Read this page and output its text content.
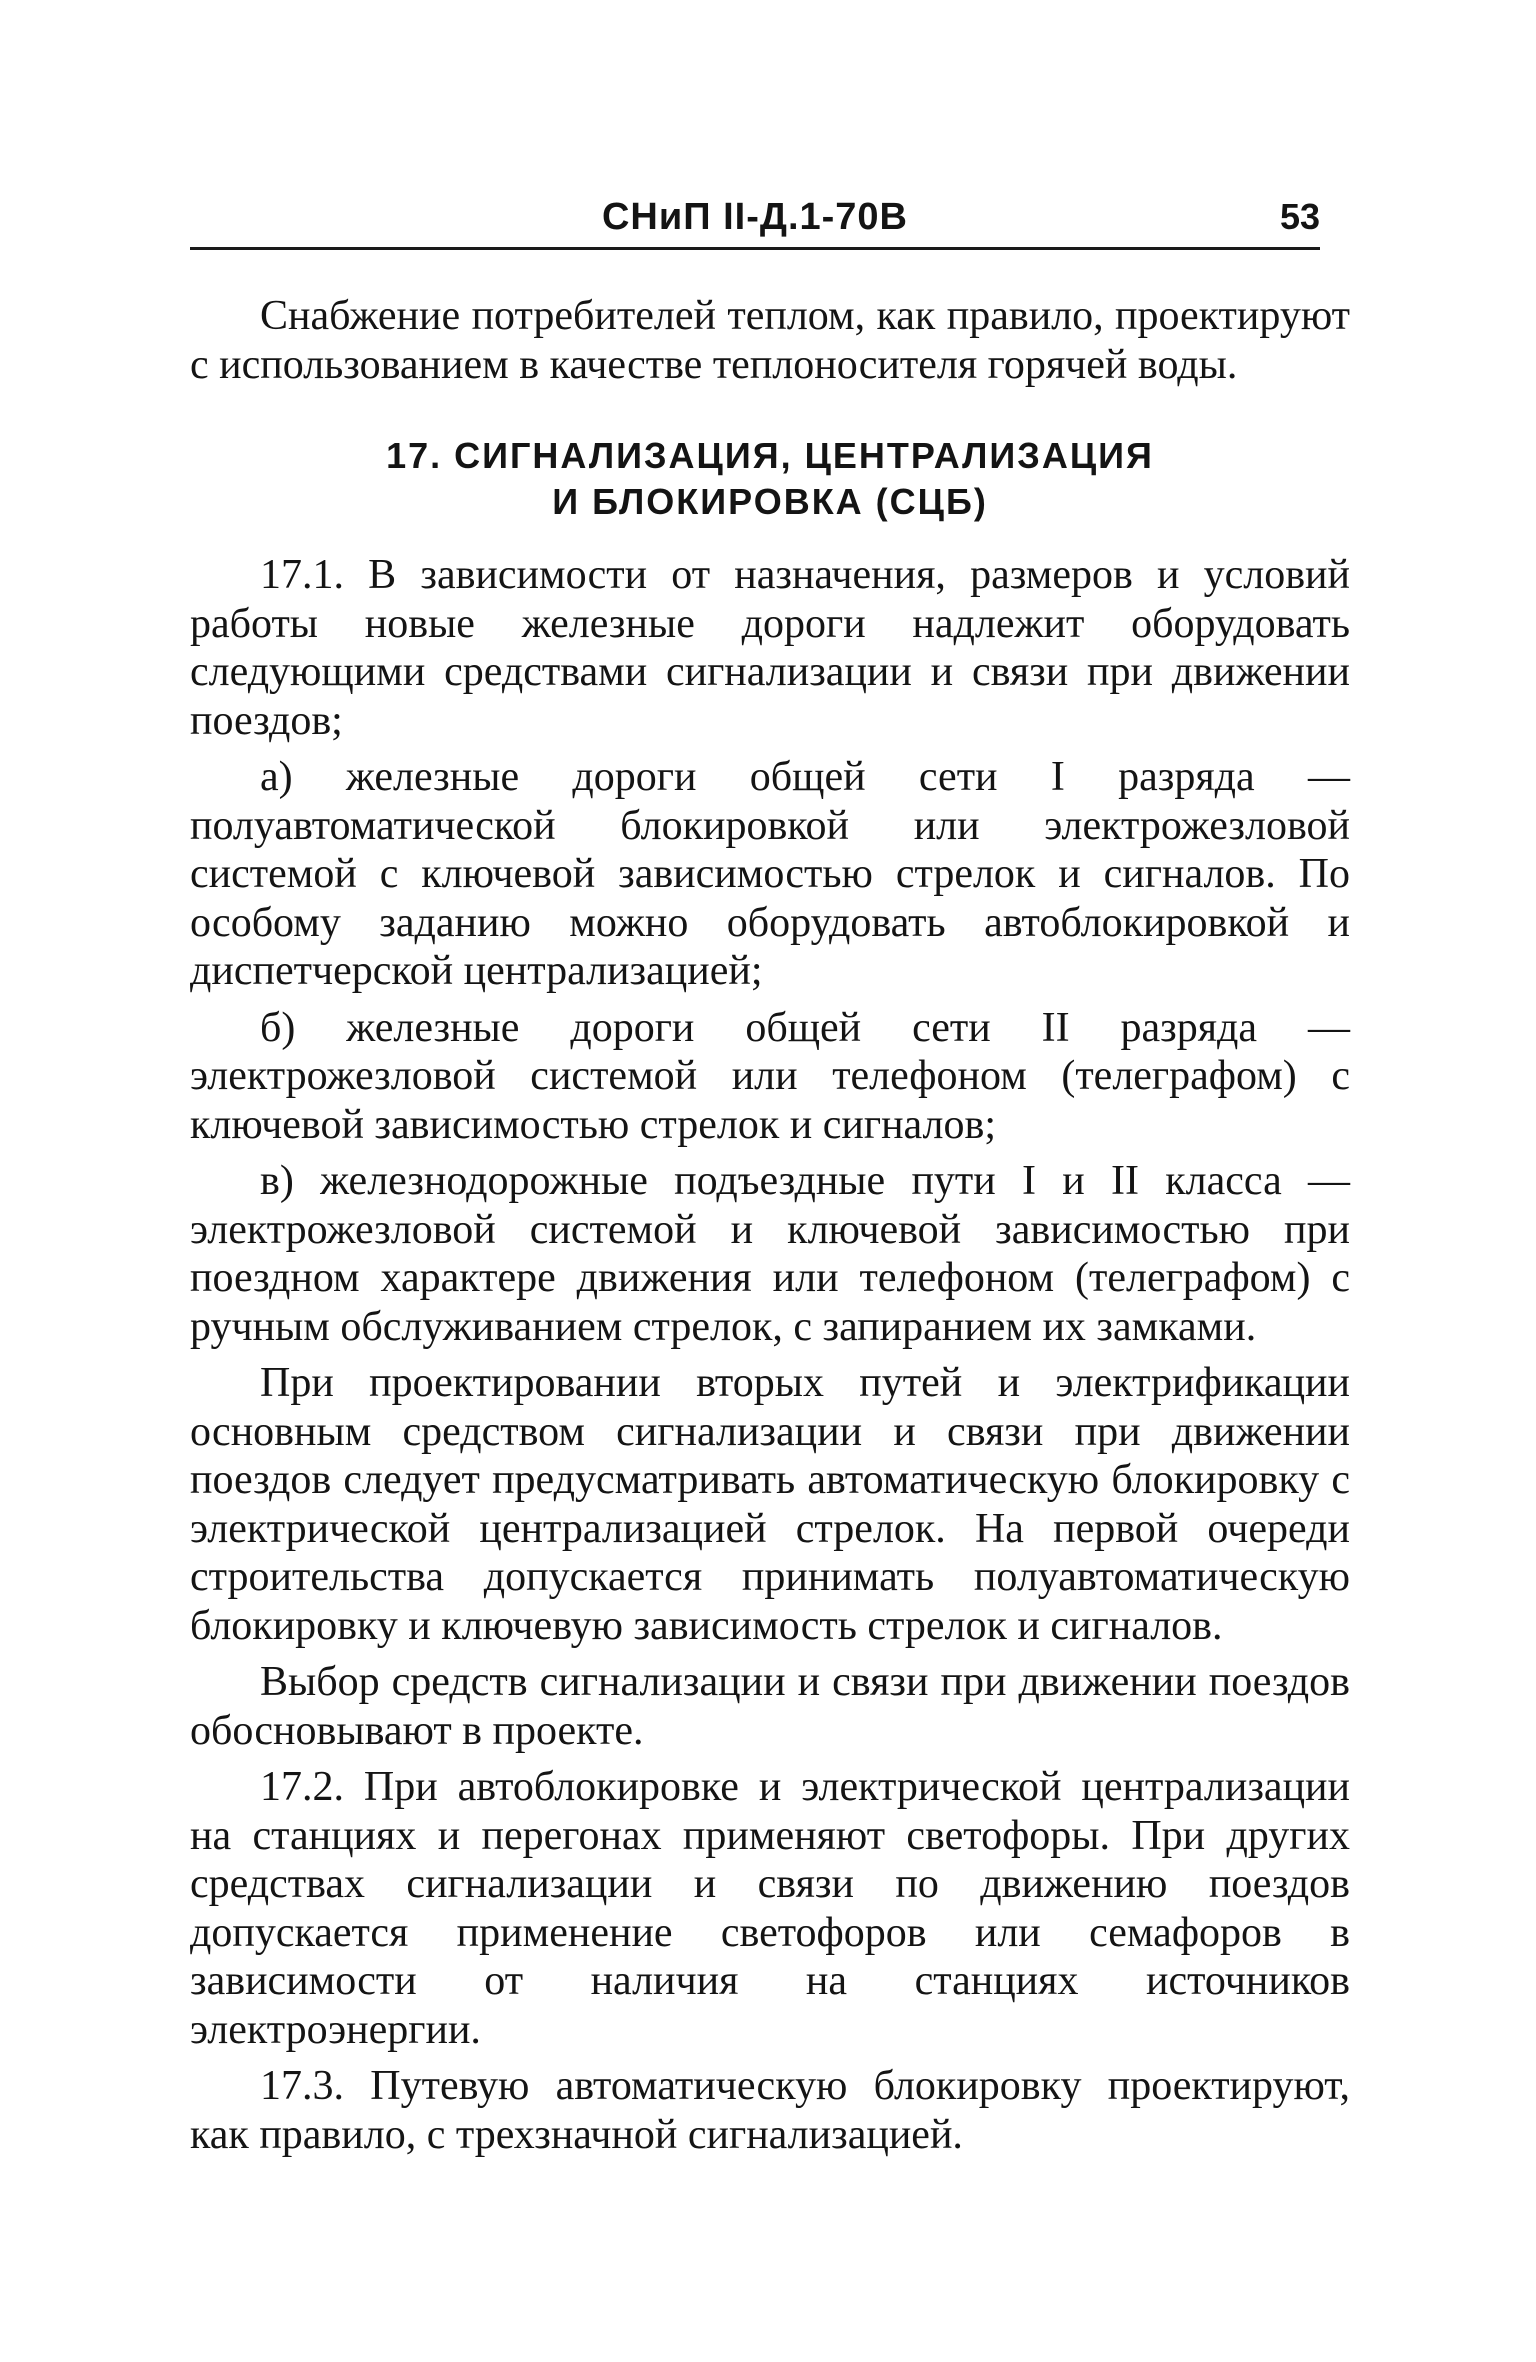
СНиП II-Д.1-70В	53

Снабжение потребителей теплом, как правило, проектируют с использованием в качестве теплоносителя горячей воды.

17. СИГНАЛИЗАЦИЯ, ЦЕНТРАЛИЗАЦИЯ
И БЛОКИРОВКА (СЦБ)

17.1. В зависимости от назначения, размеров и условий работы новые железные дороги надлежит оборудовать следующими средствами сигнализации и связи при движении поездов;

а) железные дороги общей сети I разряда — полуавтоматической блокировкой или электрожезловой системой с ключевой зависимостью стрелок и сигналов. По особому заданию можно оборудовать автоблокировкой и диспетчерской централизацией;

б) железные дороги общей сети II разряда — электрожезловой системой или телефоном (телеграфом) с ключевой зависимостью стрелок и сигналов;

в) железнодорожные подъездные пути I и II класса — электрожезловой системой и ключевой зависимостью при поездном характере движения или телефоном (телеграфом) с ручным обслуживанием стрелок, с запиранием их замками.

При проектировании вторых путей и электрификации основным средством сигнализации и связи при движении поездов следует предусматривать автоматическую блокировку с электрической централизацией стрелок. На первой очереди строительства допускается принимать полуавтоматическую блокировку и ключевую зависимость стрелок и сигналов.

Выбор средств сигнализации и связи при движении поездов обосновывают в проекте.

17.2. При автоблокировке и электрической централизации на станциях и перегонах применяют светофоры. При других средствах сигнализации и связи по движению поездов допускается применение светофоров или семафоров в зависимости от наличия на станциях источников электроэнергии.

17.3. Путевую автоматическую блокировку проектируют, как правило, с трехзначной сигнализацией.
